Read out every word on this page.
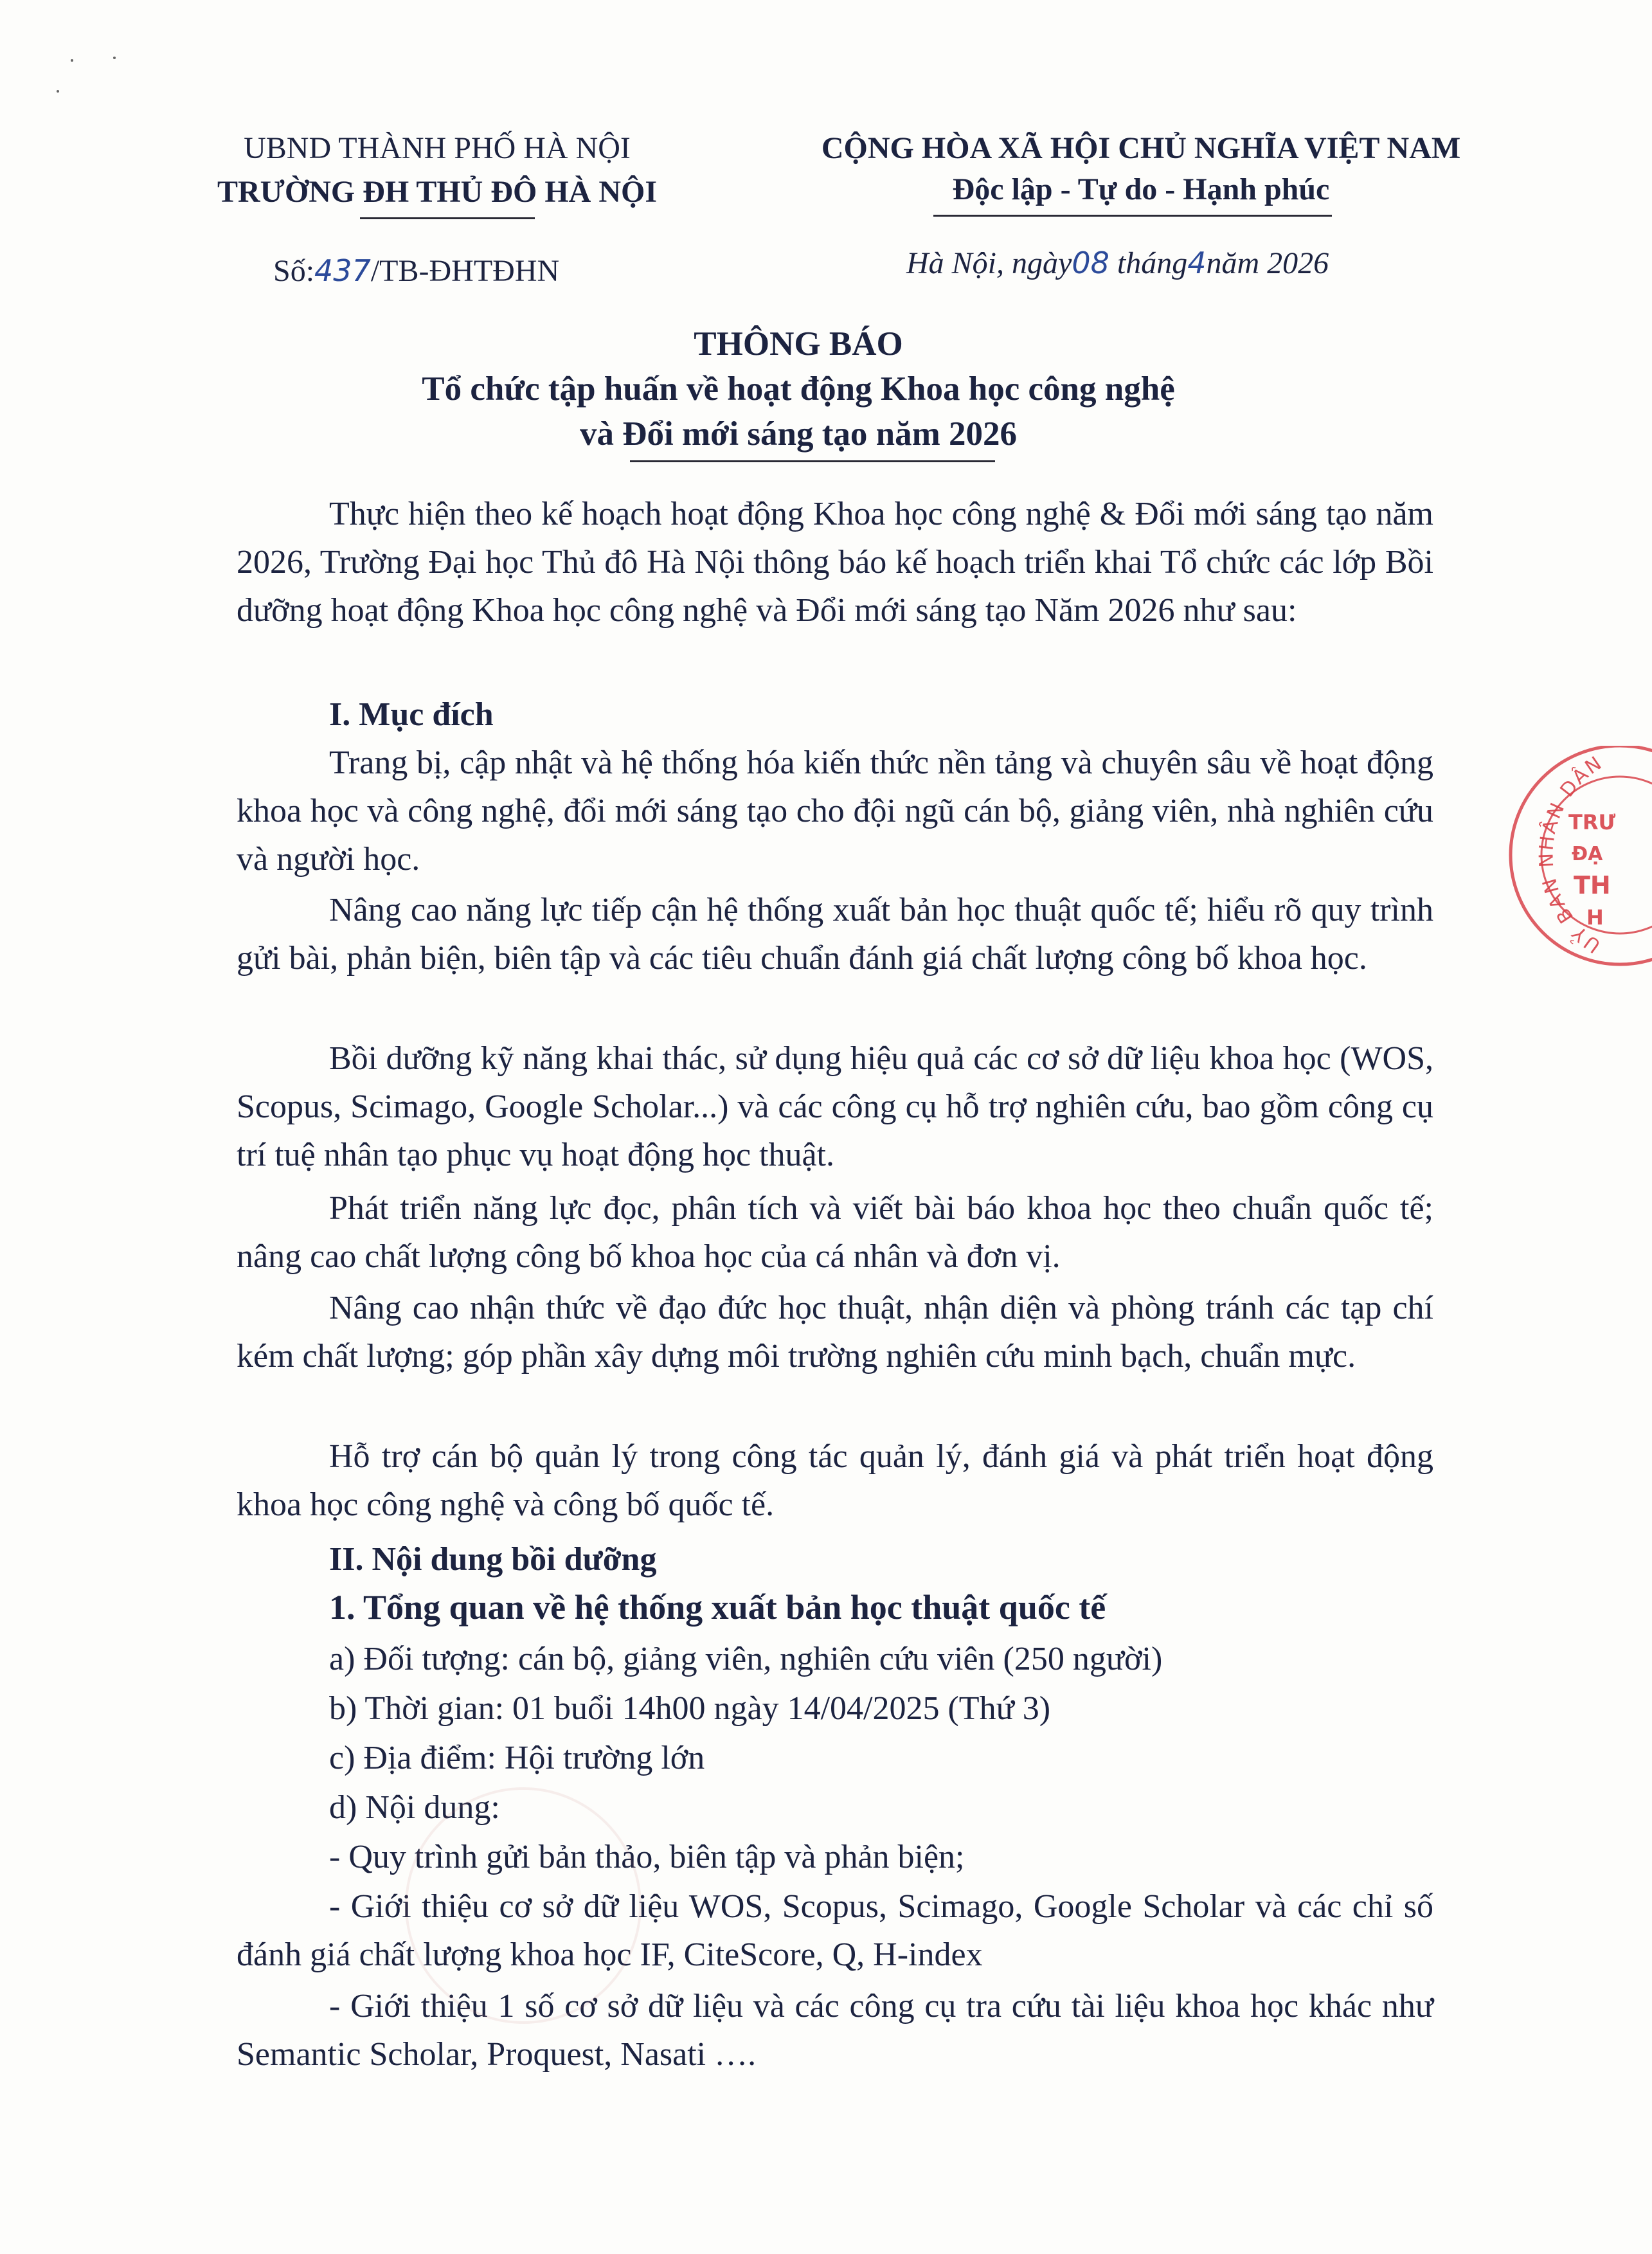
UBND THÀNH PHỐ HÀ NỘI
TRƯỜNG ĐH THỦ ĐÔ HÀ NỘI
CỘNG HÒA XÃ HỘI CHỦ NGHĨA VIỆT NAM
Độc lập - Tự do - Hạnh phúc
Số:437/TB-ĐHTĐHN	Hà Nội, ngày08 tháng4năm 2026
THÔNG BÁO
Tổ chức tập huấn về hoạt động Khoa học công nghệ
và Đổi mới sáng tạo năm 2026

Thực hiện theo kế hoạch hoạt động Khoa học công nghệ & Đổi mới sáng tạo năm 2026, Trường Đại học Thủ đô Hà Nội thông báo kế hoạch triển khai Tổ chức các lớp Bồi dưỡng hoạt động Khoa học công nghệ và Đổi mới sáng tạo Năm 2026 như sau:

I. Mục đích

Trang bị, cập nhật và hệ thống hóa kiến thức nền tảng và chuyên sâu về hoạt động khoa học và công nghệ, đổi mới sáng tạo cho đội ngũ cán bộ, giảng viên, nhà nghiên cứu và người học.

Nâng cao năng lực tiếp cận hệ thống xuất bản học thuật quốc tế; hiểu rõ quy trình gửi bài, phản biện, biên tập và các tiêu chuẩn đánh giá chất lượng công bố khoa học.

Bồi dưỡng kỹ năng khai thác, sử dụng hiệu quả các cơ sở dữ liệu khoa học (WOS, Scopus, Scimago, Google Scholar...) và các công cụ hỗ trợ nghiên cứu, bao gồm công cụ trí tuệ nhân tạo phục vụ hoạt động học thuật.

Phát triển năng lực đọc, phân tích và viết bài báo khoa học theo chuẩn quốc tế; nâng cao chất lượng công bố khoa học của cá nhân và đơn vị.

Nâng cao nhận thức về đạo đức học thuật, nhận diện và phòng tránh các tạp chí kém chất lượng; góp phần xây dựng môi trường nghiên cứu minh bạch, chuẩn mực.

Hỗ trợ cán bộ quản lý trong công tác quản lý, đánh giá và phát triển hoạt động khoa học công nghệ và công bố quốc tế.

II. Nội dung bồi dưỡng
1. Tổng quan về hệ thống xuất bản học thuật quốc tế
a) Đối tượng: cán bộ, giảng viên, nghiên cứu viên (250 người)
b) Thời gian: 01 buổi 14h00 ngày 14/04/2025 (Thứ 3)
c) Địa điểm: Hội trường lớn
d) Nội dung:
- Quy trình gửi bản thảo, biên tập và phản biện;

- Giới thiệu cơ sở dữ liệu WOS, Scopus, Scimago, Google Scholar và các chỉ số đánh giá chất lượng khoa học IF, CiteScore, Q, H-index

- Giới thiệu 1 số cơ sở dữ liệu và các công cụ tra cứu tài liệu khoa học khác như Semantic Scholar, Proquest, Nasati ….

UỶ BAN NHÂN DÂN
TRƯ
ĐẠ
TH
H
